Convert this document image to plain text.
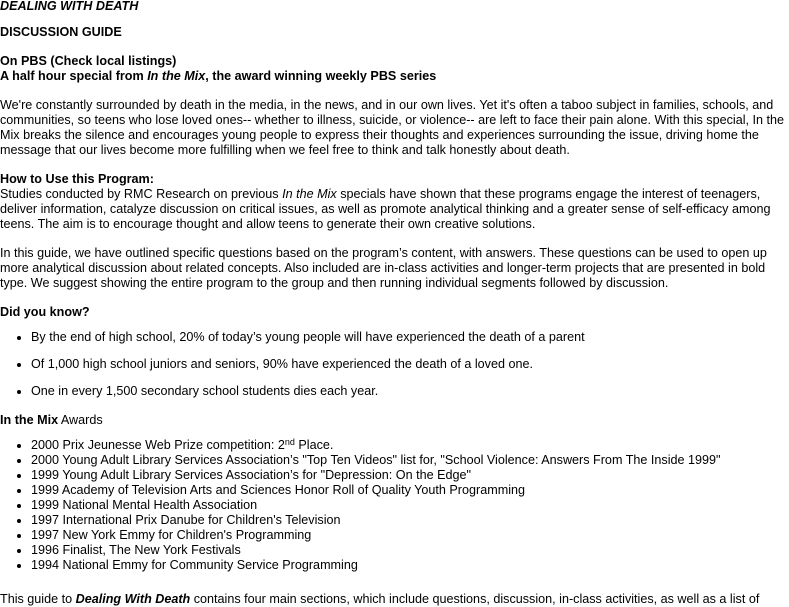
DEALING WITH DEATH

DISCUSSION GUIDE

On PBS (Check local listings)

A half hour special from In the Mix, the award winning weekly PBS series

We're constantly surrounded by death in the media, in the news, and in our own lives. Yet it's often a taboo subject in families, schools, and communities, so teens who lose loved ones-- whether to illness, suicide, or violence-- are left to face their pain alone. With this special, In the Mix breaks the silence and encourages young people to express their thoughts and experiences surrounding the issue, driving home the message that our lives become more fulfilling when we feel free to think and talk honestly about death.

How to Use this Program:

Studies conducted by RMC Research on previous In the Mix specials have shown that these programs engage the interest of teenagers, deliver information, catalyze discussion on critical issues, as well as promote analytical thinking and a greater sense of self-efficacy among teens. The aim is to encourage thought and allow teens to generate their own creative solutions.

In this guide, we have outlined specific questions based on the program’s content, with answers. These questions can be used to open up more analytical discussion about related concepts. Also included are in-class activities and longer-term projects that are presented in bold type. We suggest showing the entire program to the group and then running individual segments followed by discussion.

Did you know?

• By the end of high school, 20% of today’s young people will have experienced the death of a parent
• Of 1,000 high school juniors and seniors, 90% have experienced the death of a loved one.
• One in every 1,500 secondary school students dies each year.

In the Mix Awards

• 2000 Prix Jeunesse Web Prize competition: 2nd Place.
• 2000 Young Adult Library Services Association’s "Top Ten Videos" list for, "School Violence: Answers From The Inside 1999"
• 1999 Young Adult Library Services Association’s for "Depression: On the Edge"
• 1999 Academy of Television Arts and Sciences Honor Roll of Quality Youth Programming
• 1999 National Mental Health Association
• 1997 International Prix Danube for Children's Television
• 1997 New York Emmy for Children's Programming
• 1996 Finalist, The New York Festivals
• 1994 National Emmy for Community Service Programming

This guide to Dealing With Death contains four main sections, which include questions, discussion, in-class activities, as well as a list of
